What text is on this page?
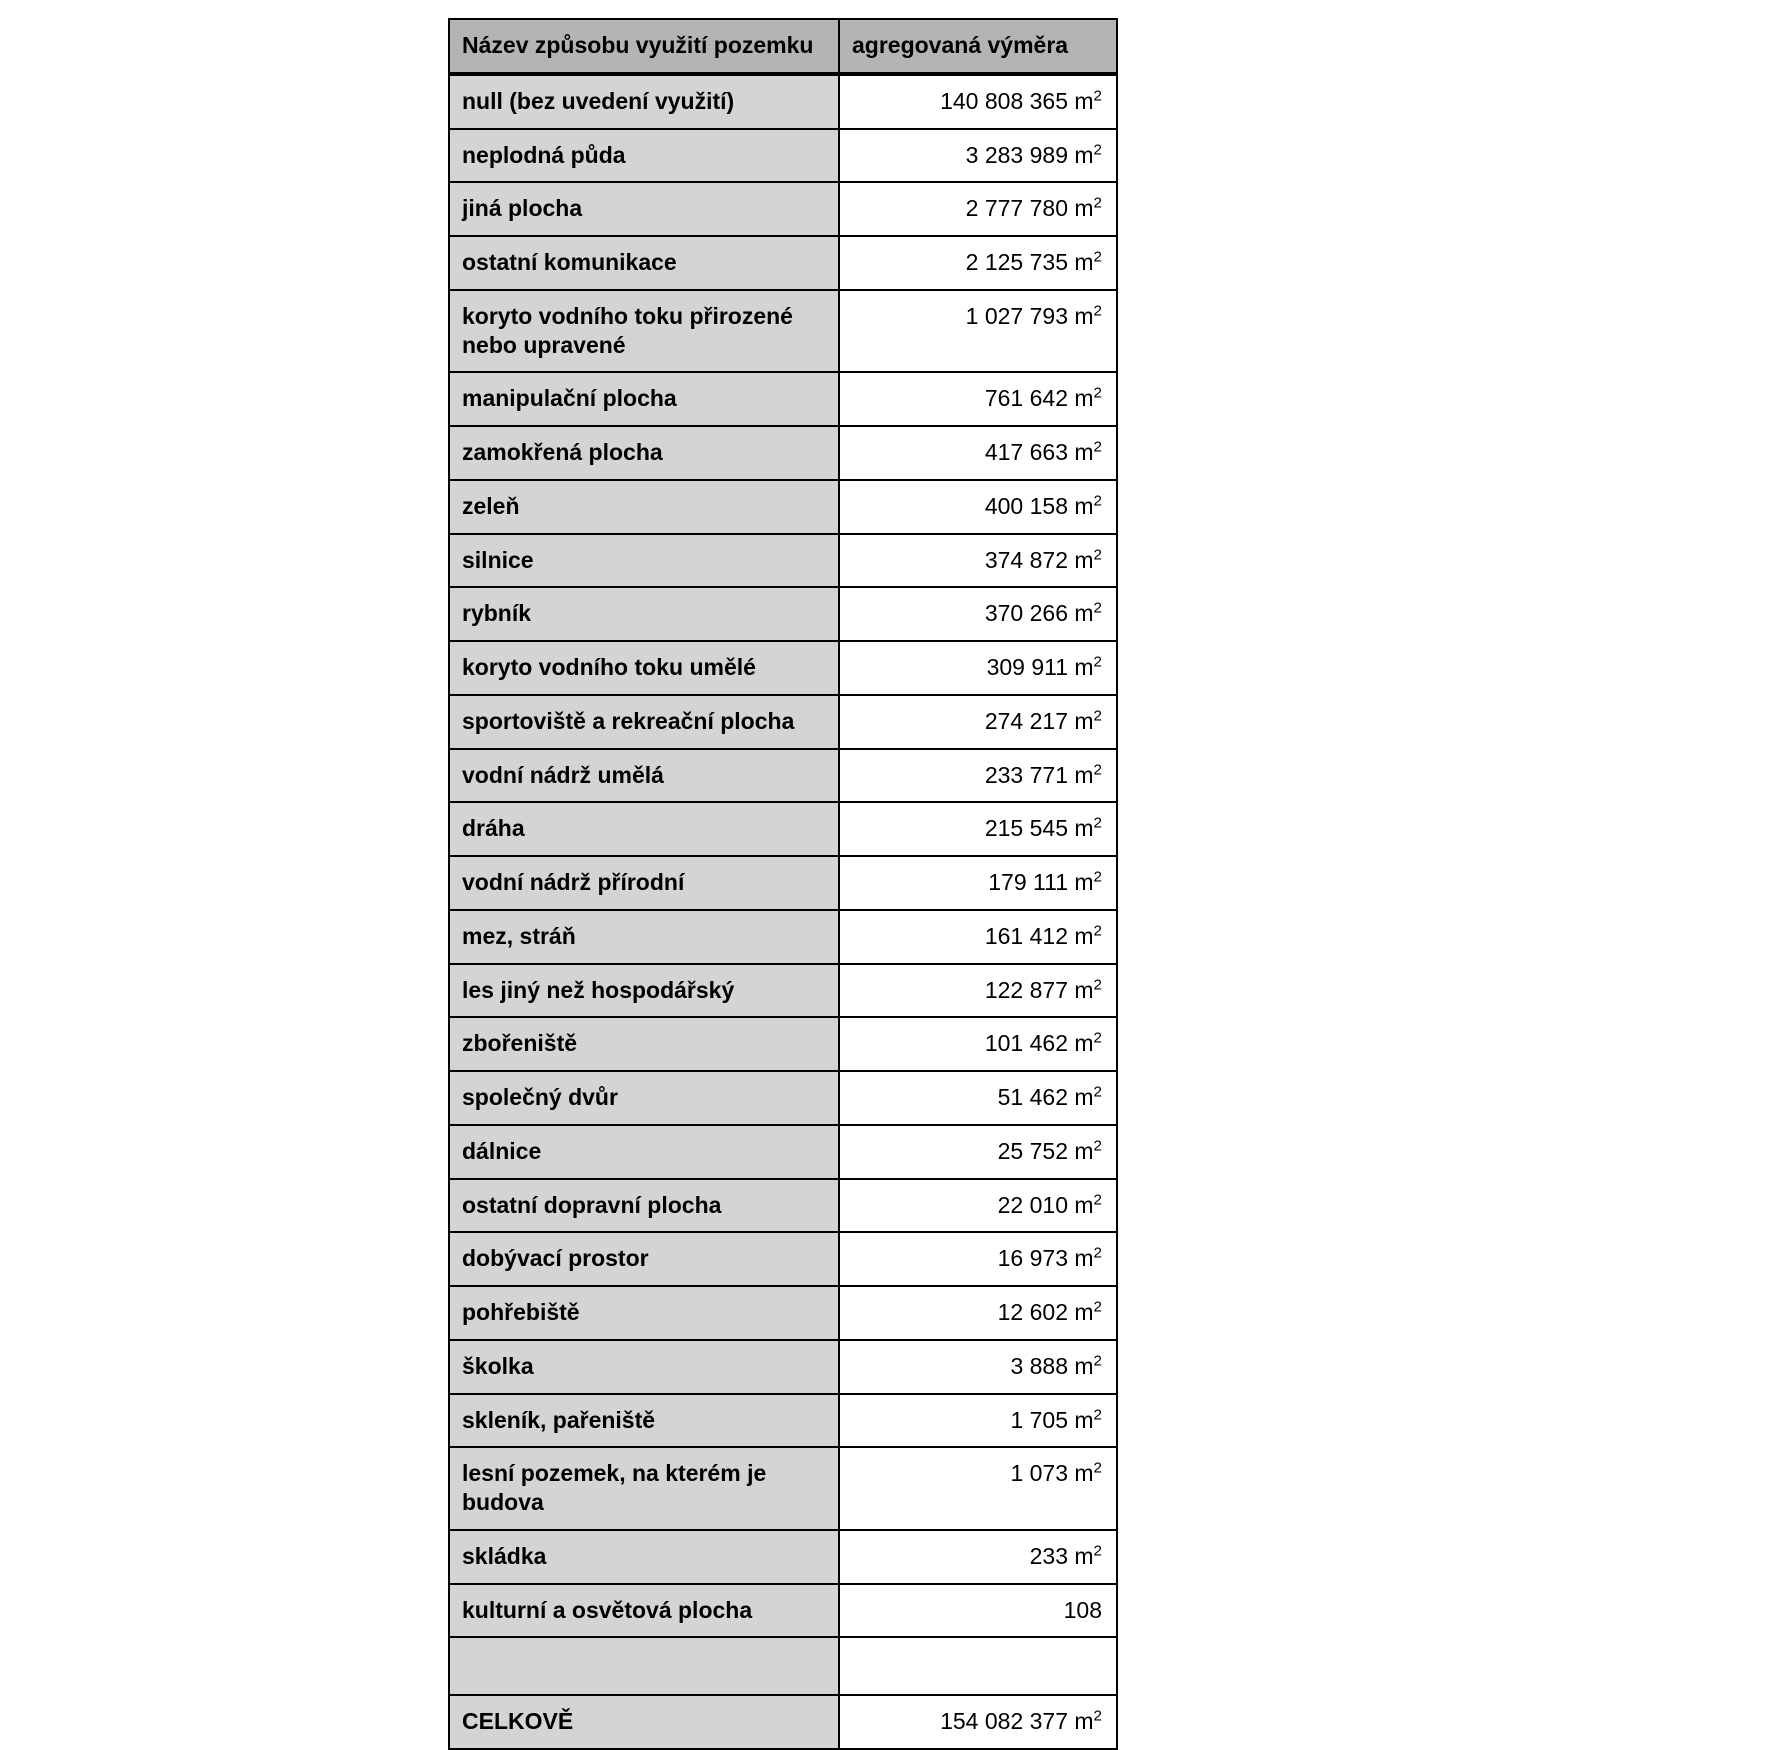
Název způsobu využití pozemku	agregovaná výměra
null (bez uvedení využití)	140 808 365 $m^2$
neplodná půda	3 283 989 $m^2$
jiná plocha	2 777 780 $m^2$
ostatní komunikace	2 125 735 $m^2$
koryto vodního toku přirozené nebo upravené	1 027 793 $m^2$
manipulační plocha	761 642 $m^2$
zamokřená plocha	417 663 $m^2$
zeleň	400 158 $m^2$
silnice	374 872 $m^2$
rybník	370 266 $m^2$
koryto vodního toku umělé	309 911 $m^2$
sportoviště a rekreační plocha	274 217 $m^2$
vodní nádrž umělá	233 771 $m^2$
dráha	215 545 $m^2$
vodní nádrž přírodní	179 111 $m^2$
mez, stráň	161 412 $m^2$
les jiný než hospodářský	122 877 $m^2$
zbořeniště	101 462 $m^2$
společný dvůr	51 462 $m^2$
dálnice	25 752 $m^2$
ostatní dopravní plocha	22 010 $m^2$
dobývací prostor	16 973 $m^2$
pohřebiště	12 602 $m^2$
školka	3 888 $m^2$
skleník, pařeniště	1 705 $m^2$
lesní pozemek, na kterém je budova	1 073 $m^2$
skládka	233 $m^2$
kulturní a osvětová plocha	108

CELKOVĚ	154 082 377 $m^2$
